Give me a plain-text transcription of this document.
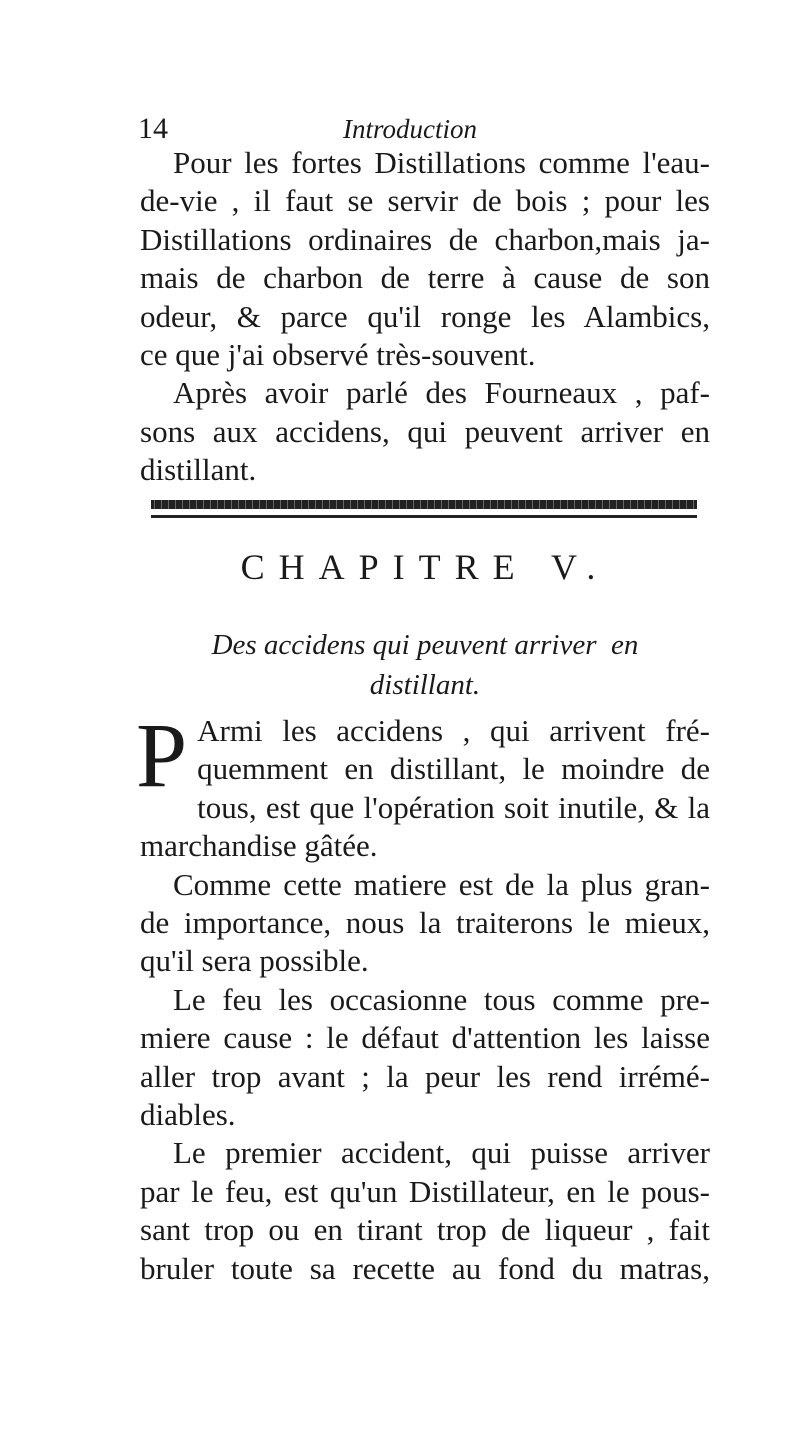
14	Introduction

Pour les fortes Distillations comme l'eau-
de-vie , il faut se servir de bois ; pour les
Distillations ordinaires de charbon,mais ja-
mais de charbon de terre à cause de son
odeur, & parce qu'il ronge les Alambics,
ce que j'ai observé très-souvent.

Après avoir parlé des Fourneaux , paf-
sons aux accidens, qui peuvent arriver en
distillant.

CHAPITRE V.
Des accidens qui peuvent arriver  en
distillant.

P Armi les accidens , qui arrivent fré-
quemment en distillant, le moindre de
tous, est que l'opération soit inutile, & la
marchandise gâtée.

Comme cette matiere est de la plus gran-
de importance, nous la traiterons le mieux,
qu'il sera possible.

Le feu les occasionne tous comme pre-
miere cause : le défaut d'attention les laisse
aller trop avant ; la peur les rend irrémé-
diables.

Le premier accident, qui puisse arriver
par le feu, est qu'un Distillateur, en le pous-
sant trop ou en tirant trop de liqueur , fait
bruler toute sa recette au fond du matras,
